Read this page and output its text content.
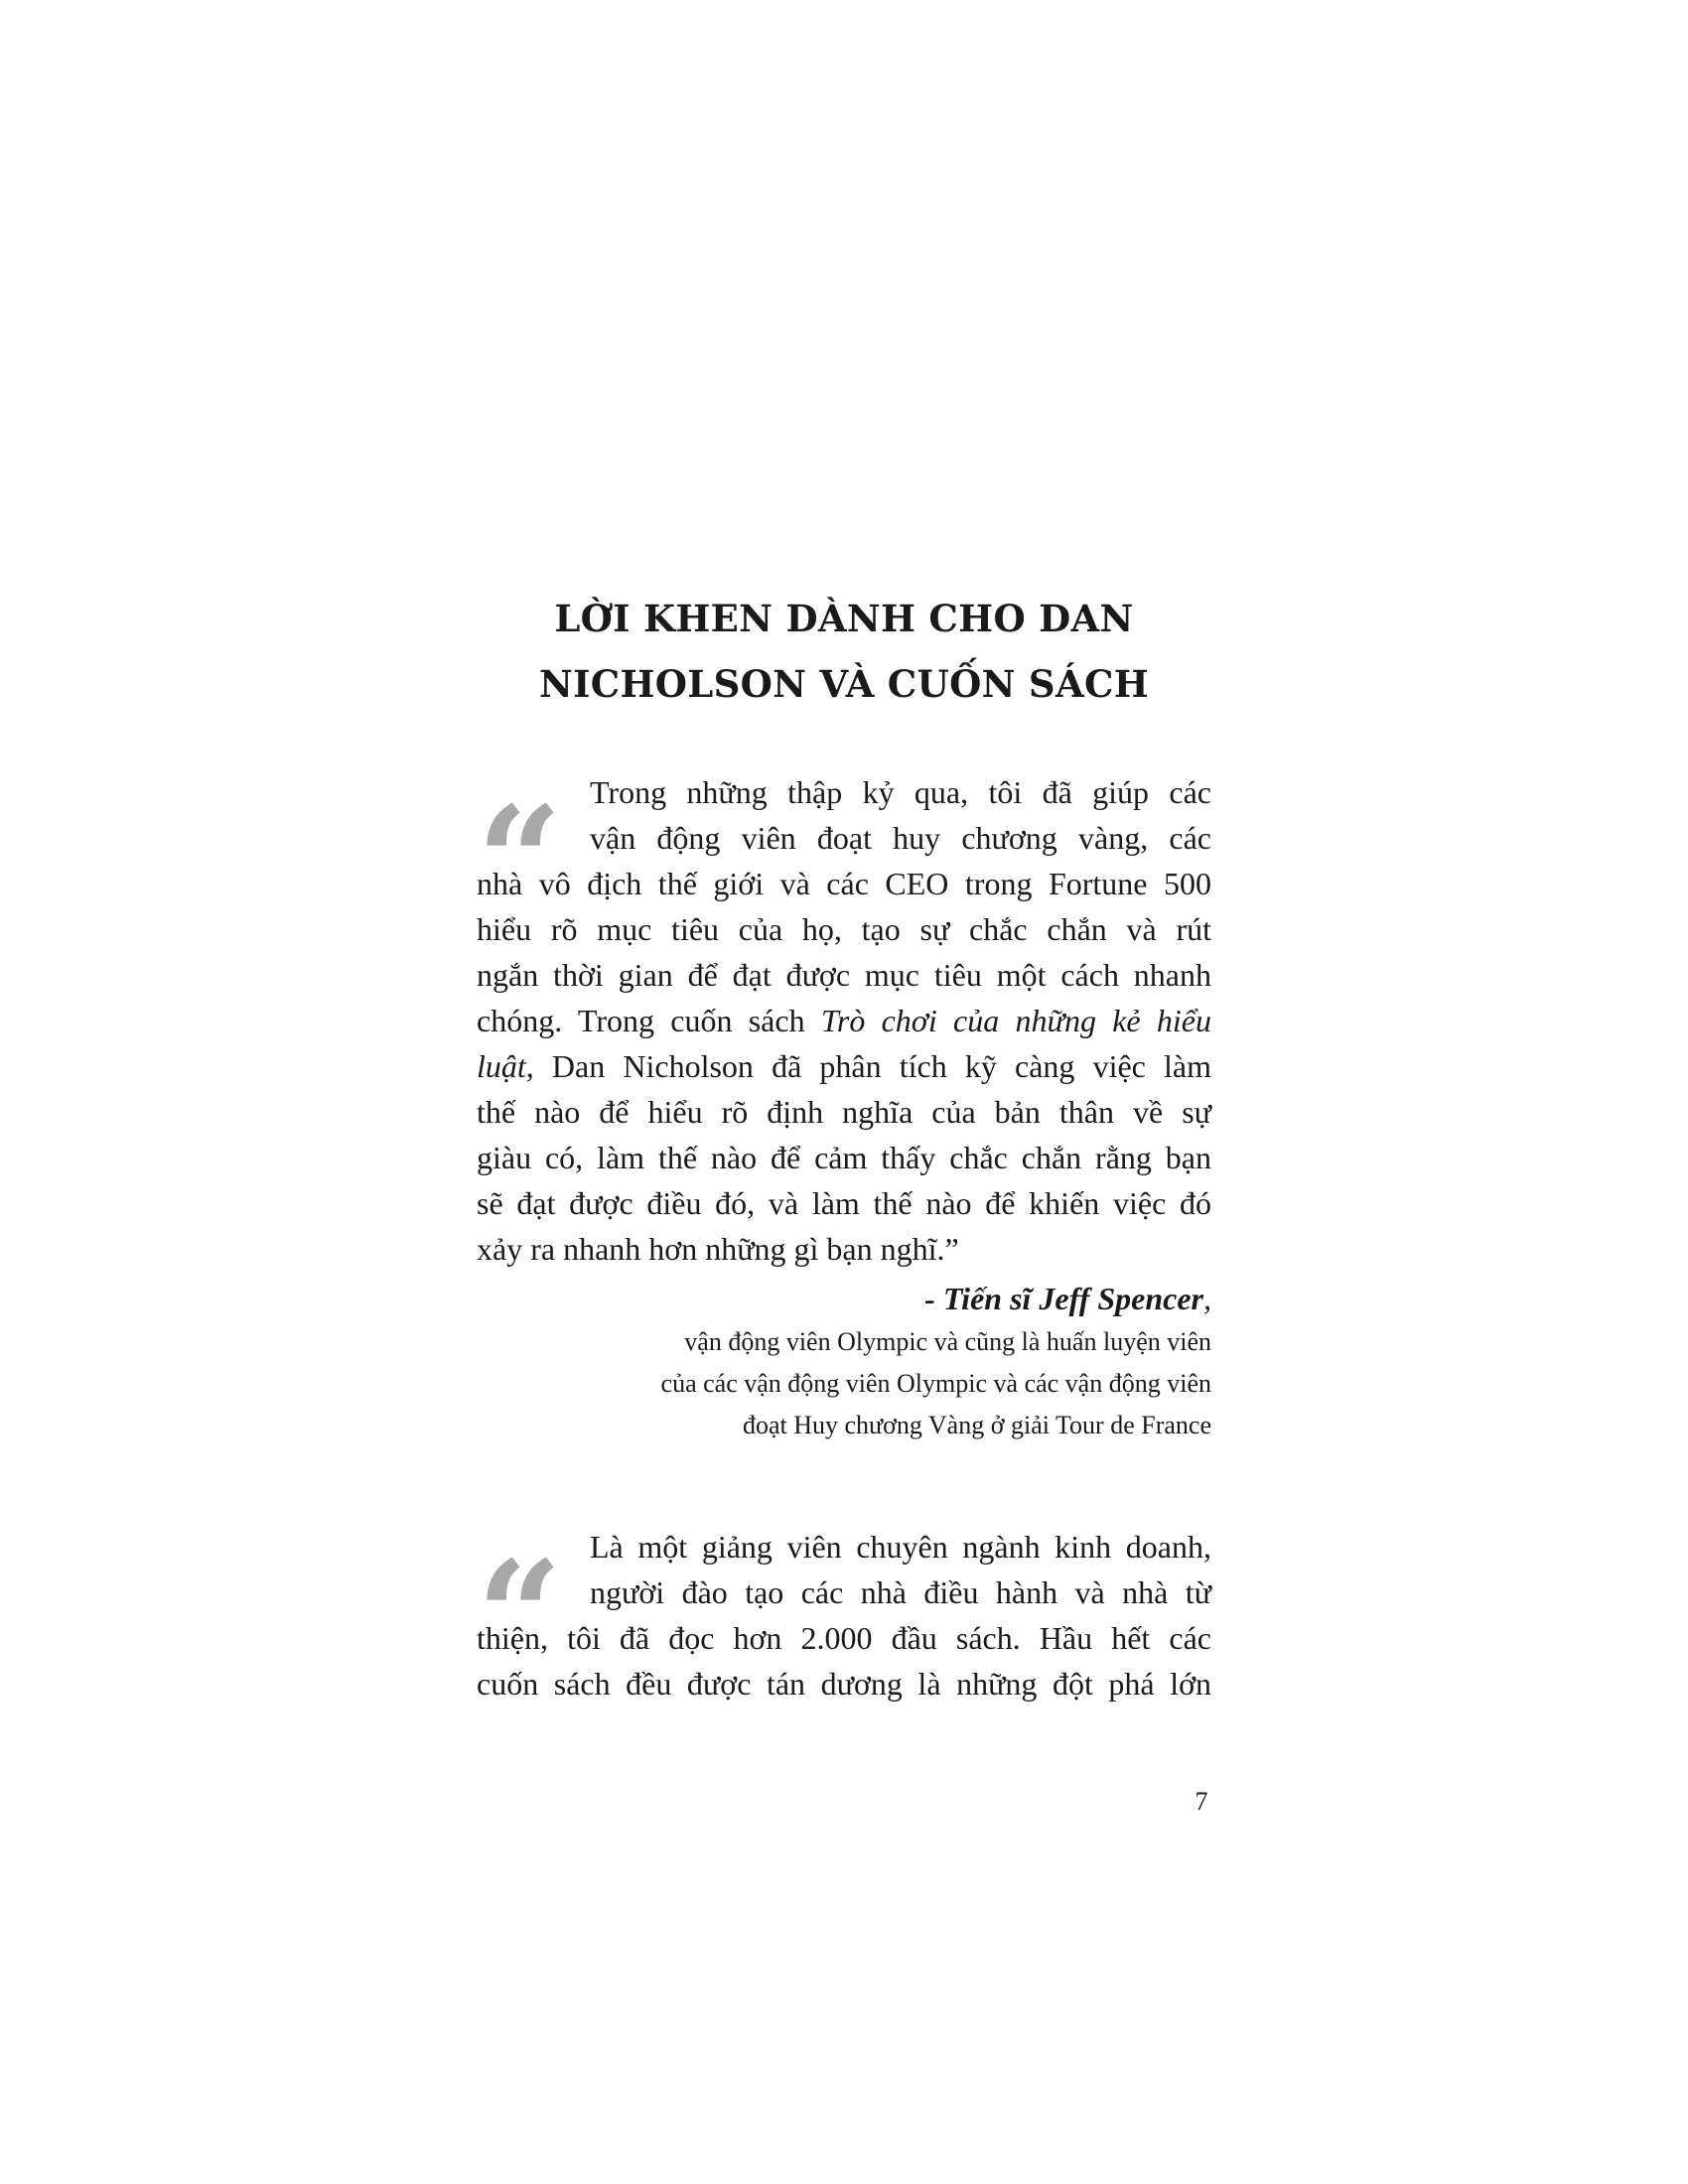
LỜI KHEN DÀNH CHO DAN
NICHOLSON VÀ CUỐN SÁCH
“ Trong những thập kỷ qua, tôi đã giúp các
vận động viên đoạt huy chương vàng, các
nhà vô địch thế giới và các CEO trong Fortune 500
hiểu rõ mục tiêu của họ, tạo sự chắc chắn và rút
ngắn thời gian để đạt được mục tiêu một cách nhanh
chóng. Trong cuốn sách Trò chơi của những kẻ hiểu
luật, Dan Nicholson đã phân tích kỹ càng việc làm
thế nào để hiểu rõ định nghĩa của bản thân về sự
giàu có, làm thế nào để cảm thấy chắc chắn rằng bạn
sẽ đạt được điều đó, và làm thế nào để khiến việc đó
xảy ra nhanh hơn những gì bạn nghĩ.”

- Tiến sĩ Jeff Spencer,
vận động viên Olympic và cũng là huấn luyện viên
của các vận động viên Olympic và các vận động viên
đoạt Huy chương Vàng ở giải Tour de France
“ Là một giảng viên chuyên ngành kinh doanh,
người đào tạo các nhà điều hành và nhà từ
thiện, tôi đã đọc hơn 2.000 đầu sách. Hầu hết các
cuốn sách đều được tán dương là những đột phá lớn

7
